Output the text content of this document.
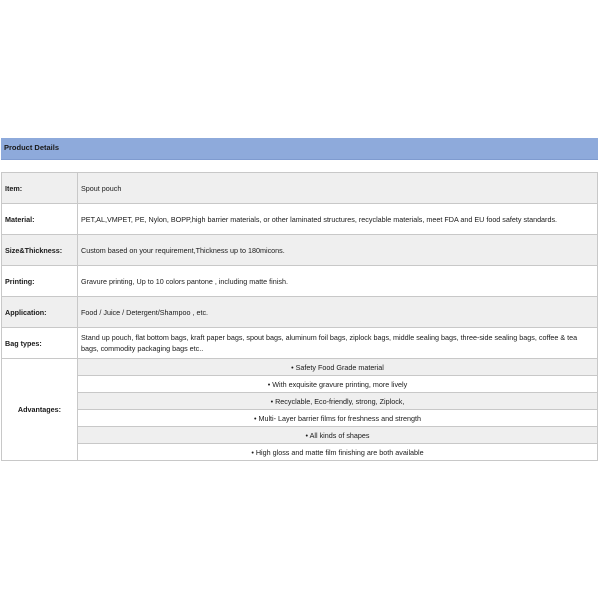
Product Details
Item:	Spout pouch
Material:	PET,AL,VMPET, PE, Nylon, BOPP,high barrier materials, or other laminated structures, recyclable materials, meet FDA and EU food safety standards.
Size&Thickness:	Custom based on your requirement,Thickness up to 180micons.
Printing:	Gravure printing, Up to 10 colors pantone , including matte finish.
Application:	Food / Juice / Detergent/Shampoo , etc.
Bag types:	Stand up pouch, flat bottom bags, kraft paper bags, spout bags, aluminum foil bags, ziplock bags, middle sealing bags, three-side sealing bags, coffee & tea bags, commodity packaging bags etc..
Advantages:	• Safety Food Grade material
	• With exquisite gravure printing, more lively
	• Recyclable, Eco-friendly, strong, Ziplock,
	• Multi- Layer barrier films for freshness and strength
	• All kinds of shapes
	• High gloss and matte film finishing are both available
